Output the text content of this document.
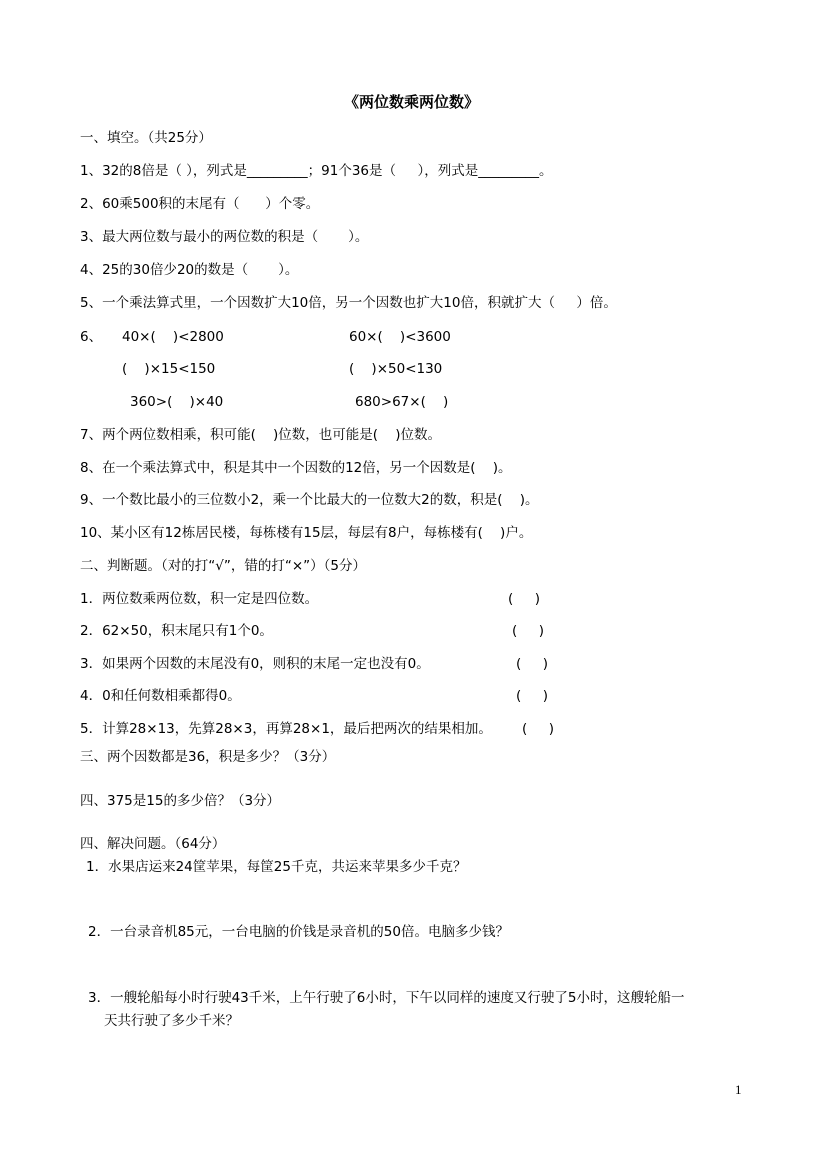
《两位数乘两位数》
一、填空。（共25分）
1、32的8倍是（ ），列式是_________；91个36是（     ），列式是_________。
2、60乘500积的末尾有（      ）个零。
3、最大两位数与最小的两位数的积是（       ）。
4、25的30倍少20的数是（       ）。
5、一个乘法算式里，一个因数扩大10倍，另一个因数也扩大10倍，积就扩大（     ）倍。
6、 40×(    )<2800	60×(    )<3600
(    )×15<150	(    )×50<130
360>(    )×40	680>67×(    )
7、两个两位数相乘，积可能(    )位数，也可能是(    )位数。
8、在一个乘法算式中，积是其中一个因数的12倍，另一个因数是(    )。
9、一个数比最小的三位数小2，乘一个比最大的一位数大2的数，积是(    )。
10、某小区有12栋居民楼，每栋楼有15层，每层有8户，每栋楼有(    )户。
二、判断题。（对的打“√”，错的打“×”）（5分）
1．两位数乘两位数，积一定是四位数。	(     )
2．62×50，积末尾只有1个0。	(     )
3．如果两个因数的末尾没有0，则积的末尾一定也没有0。	(     )
4．0和任何数相乘都得0。	(     )
5．计算28×13，先算28×3，再算28×1，最后把两次的结果相加。 (     )
三、两个因数都是36，积是多少？（3分）
四、375是15的多少倍？（3分）
四、解决问题。（64分）
1．水果店运来24筐苹果，每筐25千克，共运来苹果多少千克？
2．一台录音机85元，一台电脑的价钱是录音机的50倍。电脑多少钱？
3．一艘轮船每小时行驶43千米，上午行驶了6小时，下午以同样的速度又行驶了5小时，这艘轮船一
天共行驶了多少千米？
1
